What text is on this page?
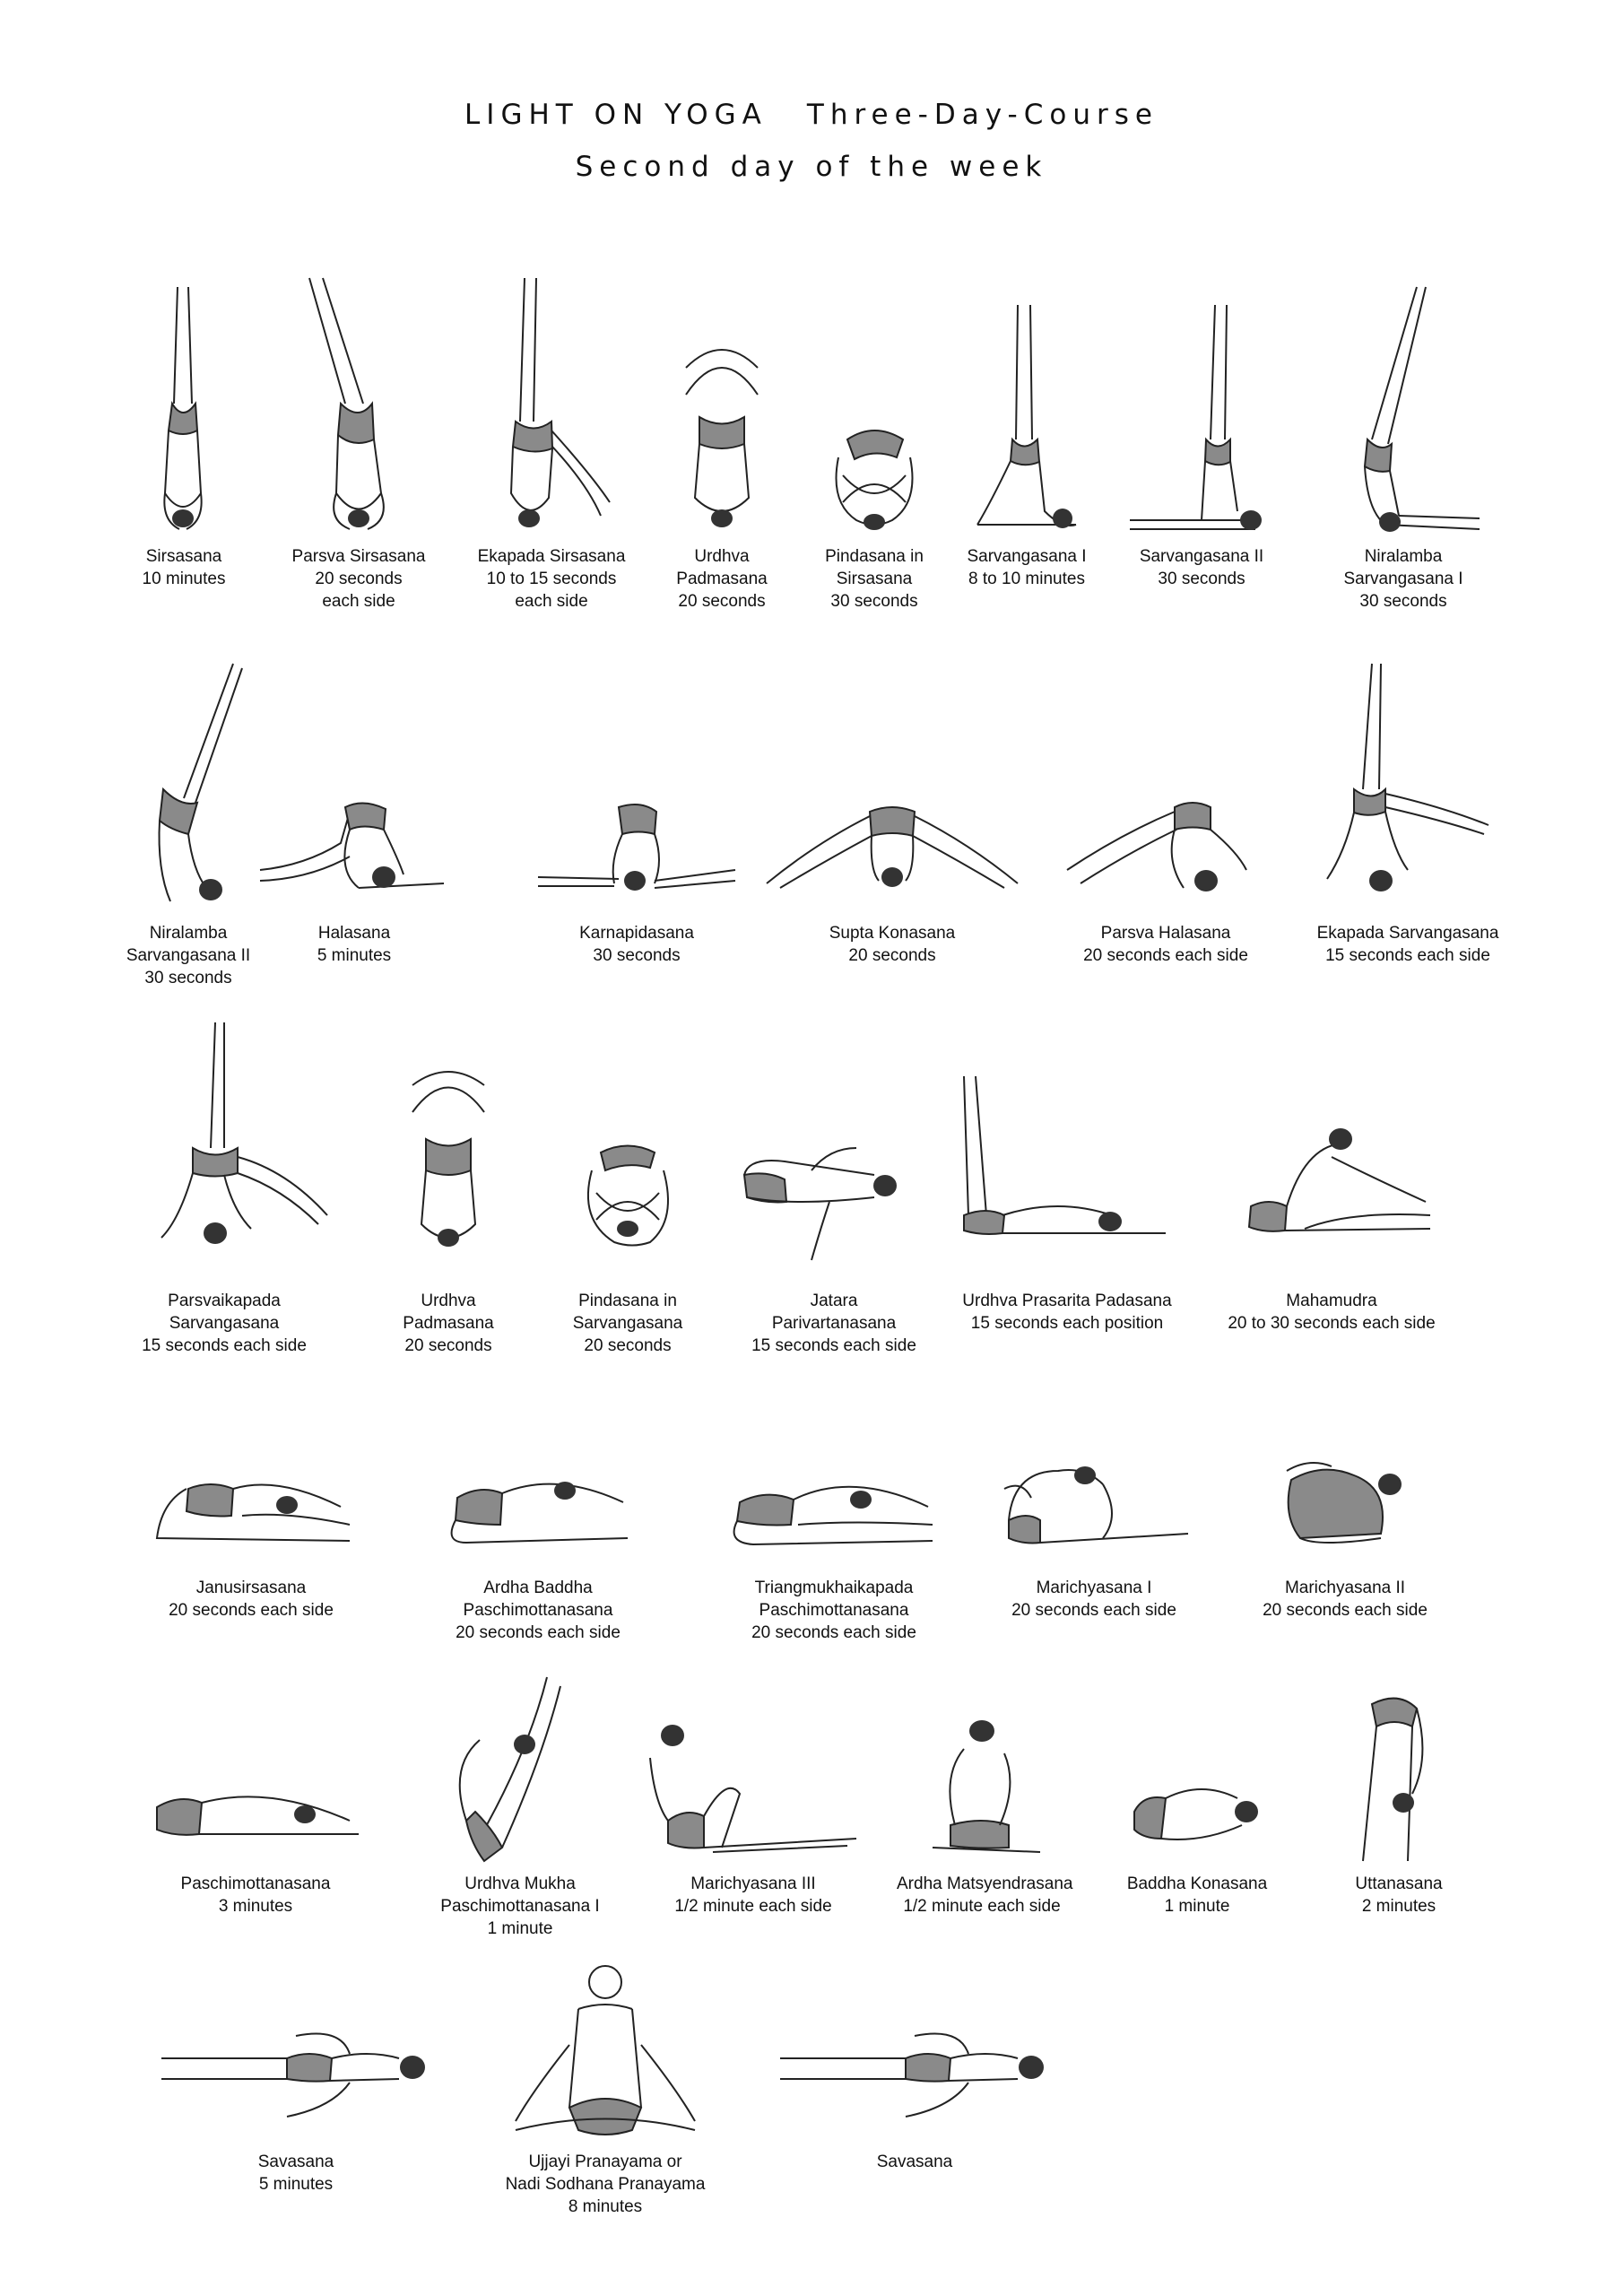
LIGHT ON YOGA Three-Day-Course
Second day of the week
Sirsasana
10 minutes
Parsva Sirsasana
20 seconds
each side
Ekapada Sirsasana
10 to 15 seconds
each side
Urdhva
Padmasana
20 seconds
Pindasana in
Sirsasana
30 seconds
Sarvangasana I
8 to 10 minutes
Sarvangasana II
30 seconds
Niralamba
Sarvangasana I
30 seconds
Niralamba
Sarvangasana II
30 seconds
Halasana
5 minutes
Karnapidasana
30 seconds
Supta Konasana
20 seconds
Parsva Halasana
20 seconds each side
Ekapada Sarvangasana
15 seconds each side
Parsvaikapada
Sarvangasana
15 seconds each side
Urdhva
Padmasana
20 seconds
Pindasana in
Sarvangasana
20 seconds
Jatara
Parivartanasana
15 seconds each side
Urdhva Prasarita Padasana
15 seconds each position
Mahamudra
20 to 30 seconds each side
Janusirsasana
20 seconds each side
Ardha Baddha
Paschimottanasana
20 seconds each side
Triangmukhaikapada
Paschimottanasana
20 seconds each side
Marichyasana I
20 seconds each side
Marichyasana II
20 seconds each side
Paschimottanasana
3 minutes
Urdhva Mukha
Paschimottanasana I
1 minute
Marichyasana III
1/2 minute each side
Ardha Matsyendrasana
1/2 minute each side
Baddha Konasana
1 minute
Uttanasana
2 minutes
Savasana
5 minutes
Ujjayi Pranayama or
Nadi Sodhana Pranayama
8 minutes
Savasana
